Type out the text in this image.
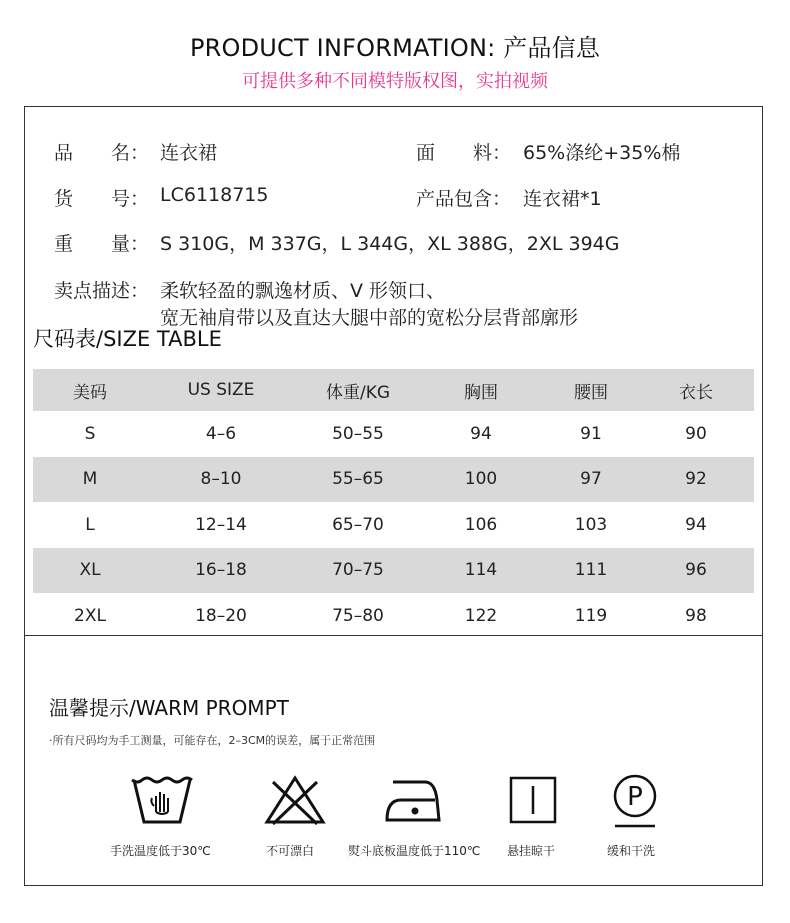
PRODUCT INFORMATION: 产品信息
可提供多种不同模特版权图，实拍视频
品　　名： 连衣裙	面　　料： 65%涤纶+35%棉
货　　号： LC6118715	产品包含： 连衣裙*1
重　　量： S 310G，M 337G，L 344G，XL 388G，2XL 394G
卖点描述： 柔软轻盈的飘逸材质、V 形领口、
宽无袖肩带以及直达大腿中部的宽松分层背部廓形
尺码表/SIZE TABLE
美码	US SIZE	体重/KG	胸围	腰围	衣长
S	4–6	50–55	94	91	90
M	8–10	55–65	100	97	92
L	12–14	65–70	106	103	94
XL	16–18	70–75	114	111	96
2XL	18–20	75–80	122	119	98
温馨提示/WARM PROMPT
·所有尺码均为手工测量，可能存在，2–3CM的误差，属于正常范围
P
手洗温度低于30℃	不可漂白	熨斗底板温度低于110℃ 悬挂晾干	缓和干洗
